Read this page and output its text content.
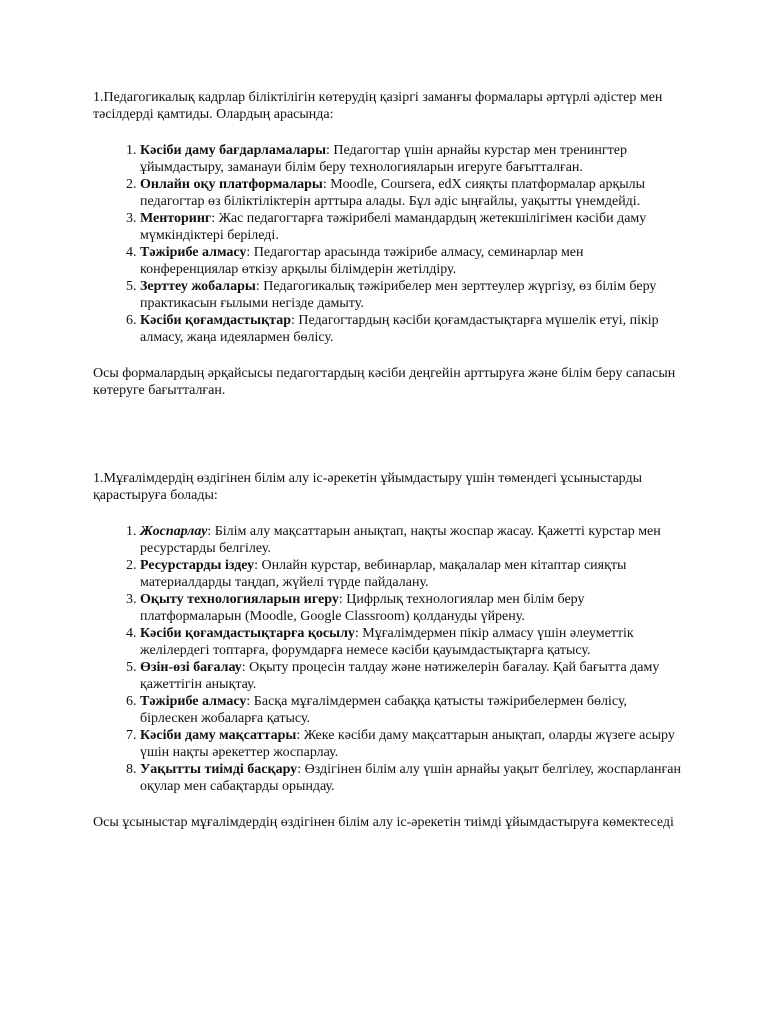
1.Педагогикалық кадрлар біліктілігін көтерудің қазіргі заманғы формалары әртүрлі әдістер мен тәсілдерді қамтиды. Олардың арасында:

1. Кәсіби даму бағдарламалары: Педагогтар үшін арнайы курстар мен тренингтер ұйымдастыру, заманауи білім беру технологияларын игеруге бағытталған.
2. Онлайн оқу платформалары: Moodle, Coursera, edX сияқты платформалар арқылы педагогтар өз біліктіліктерін арттыра алады. Бұл әдіс ыңғайлы, уақытты үнемдейді.
3. Менторинг: Жас педагогтарға тәжірибелі мамандардың жетекшілігімен кәсіби даму мүмкіндіктері беріледі.
4. Тәжірибе алмасу: Педагогтар арасында тәжірибе алмасу, семинарлар мен конференциялар өткізу арқылы білімдерін жетілдіру.
5. Зерттеу жобалары: Педагогикалық тәжірибелер мен зерттеулер жүргізу, өз білім беру практикасын ғылыми негізде дамыту.
6. Кәсіби қоғамдастықтар: Педагогтардың кәсіби қоғамдастықтарға мүшелік етуі, пікір алмасу, жаңа идеялармен бөлісу.

Осы формалардың әрқайсысы педагогтардың кәсіби деңгейін арттыруға және білім беру сапасын көтеруге бағытталған.

1.Мұғалімдердің өздігінен білім алу іс-әрекетін ұйымдастыру үшін төмендегі ұсыныстарды қарастыруға болады:

1. Жоспарлау: Білім алу мақсаттарын анықтап, нақты жоспар жасау. Қажетті курстар мен ресурстарды белгілеу.
2. Ресурстарды іздеу: Онлайн курстар, вебинарлар, мақалалар мен кітаптар сияқты материалдарды таңдап, жүйелі түрде пайдалану.
3. Оқыту технологияларын игеру: Цифрлық технологиялар мен білім беру платформаларын (Moodle, Google Classroom) қолдануды үйрену.
4. Кәсіби қоғамдастықтарға қосылу: Мұғалімдермен пікір алмасу үшін әлеуметтік желілердегі топтарға, форумдарға немесе кәсіби қауымдастықтарға қатысу.
5. Өзін-өзі бағалау: Оқыту процесін талдау және нәтижелерін бағалау. Қай бағытта даму қажеттігін анықтау.
6. Тәжірибе алмасу: Басқа мұғалімдермен сабаққа қатысты тәжірибелермен бөлісу, бірлескен жобаларға қатысу.
7. Кәсіби даму мақсаттары: Жеке кәсіби даму мақсаттарын анықтап, оларды жүзеге асыру үшін нақты әрекеттер жоспарлау.
8. Уақытты тиімді басқару: Өздігінен білім алу үшін арнайы уақыт белгілеу, жоспарланған оқулар мен сабақтарды орындау.

Осы ұсыныстар мұғалімдердің өздігінен білім алу іс-әрекетін тиімді ұйымдастыруға көмектеседі
